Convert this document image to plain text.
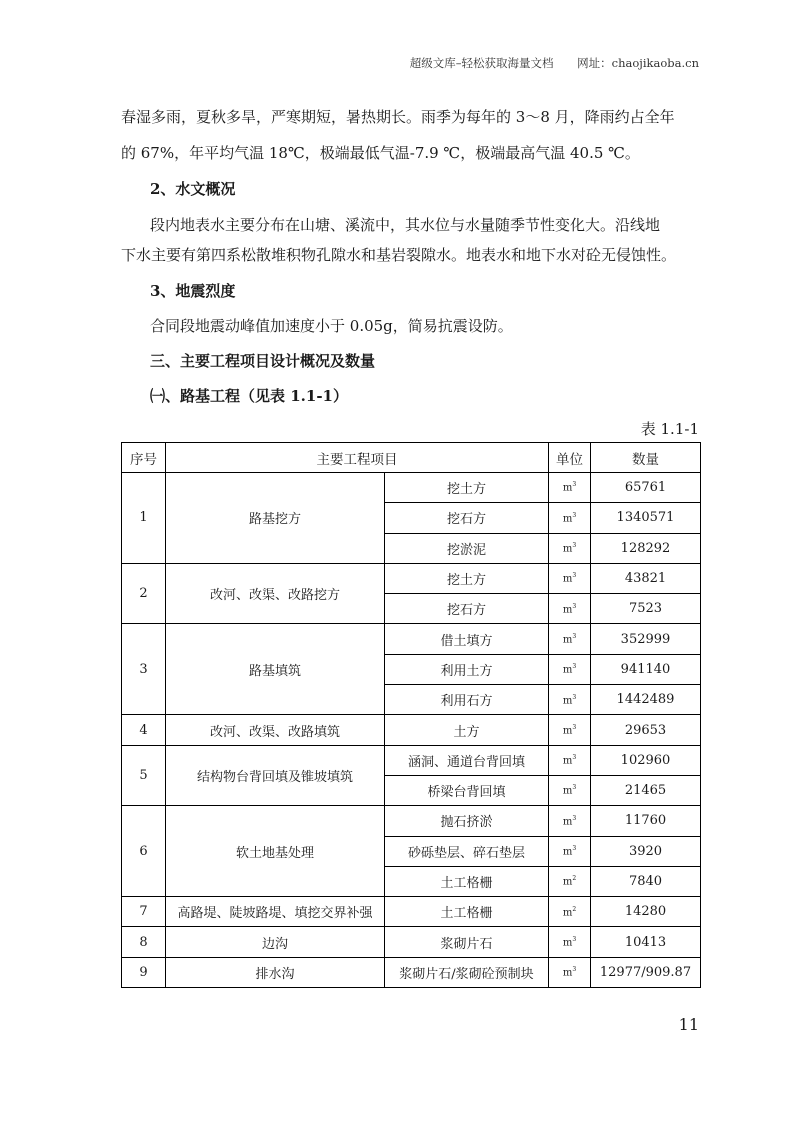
超级文库–轻松获取海量文档 网址：chaojikaoba.cn
春湿多雨，夏秋多旱，严寒期短，暑热期长。雨季为每年的 3～8 月，降雨约占全年
的 67%，年平均气温 18℃，极端最低气温-7.9 ℃，极端最高气温 40.5 ℃。
2、水文概况
段内地表水主要分布在山塘、溪流中，其水位与水量随季节性变化大。沿线地
下水主要有第四系松散堆积物孔隙水和基岩裂隙水。地表水和地下水对砼无侵蚀性。
3、地震烈度
合同段地震动峰值加速度小于 0.05g，简易抗震设防。
三、主要工程项目设计概况及数量
㈠、路基工程（见表 1.1-1）
表 1.1-1
序号	主要工程项目		单位	数量
1	路基挖方	挖土方	$m^3$	65761
		挖石方	$m^3$	1340571
		挖淤泥	$m^3$	128292
2	改河、改渠、改路挖方	挖土方	$m^3$	43821
		挖石方	$m^3$	7523
3	路基填筑	借土填方	$m^3$	352999
		利用土方	$m^3$	941140
		利用石方	$m^3$	1442489
4	改河、改渠、改路填筑	土方	$m^3$	29653
5	结构物台背回填及锥坡填筑	涵洞、通道台背回填	$m^3$	102960
		桥梁台背回填	$m^3$	21465
6	软土地基处理	抛石挤淤	$m^3$	11760
		砂砾垫层、碎石垫层	$m^3$	3920
		土工格栅	$m^2$	7840
7	高路堤、陡坡路堤、填挖交界补强	土工格栅	$m^2$	14280
8	边沟	浆砌片石	$m^3$	10413
9	排水沟	浆砌片石/浆砌砼预制块	$m^3$	12977/909.87
11
